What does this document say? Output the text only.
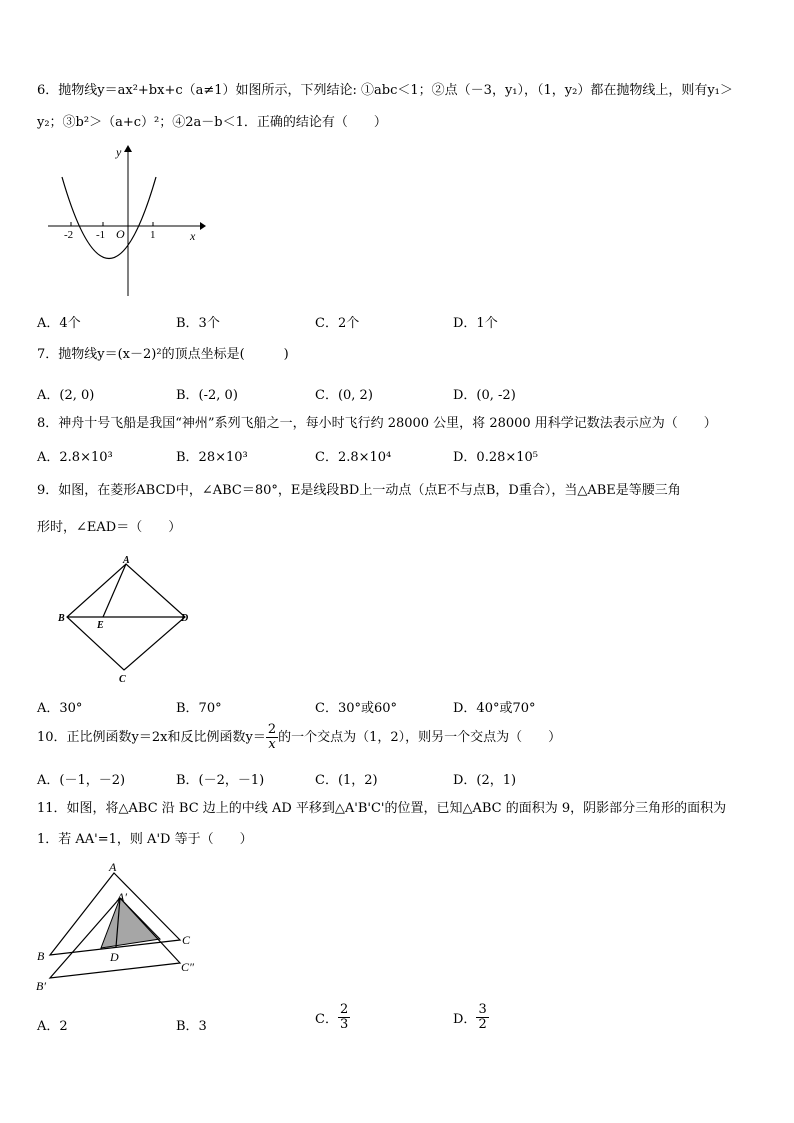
6．抛物线y＝ax²+bx+c（a≠1）如图所示，下列结论: ①abc＜1；②点（－3，y₁），（1，y₂）都在抛物线上，则有y₁＞
y₂；③b²＞（a+c）²；④2a－b＜1．正确的结论有（　　）
y
x
O
-2 -1	1
A．4个	B．3个	C．2个	D．1个
7．抛物线y＝(x－2)²的顶点坐标是(　　　)
A．(2, 0)	B．(-2, 0)	C．(0, 2)	D．(0, -2)
8．神舟十号飞船是我国“神州”系列飞船之一，每小时飞行约 28000 公里，将 28000 用科学记数法表示应为（　　）
A．2.8×10³	B．28×10³	C．2.8×10⁴	D．0.28×10⁵
9．如图，在菱形ABCD中，∠ABC＝80°，E是线段BD上一动点（点E不与点B，D重合），当△ABE是等腰三角
形时，∠EAD＝（　　）
A
B	D
E
C
A．30°	B．70°	C．30°或60°	D．40°或70°
10．正比例函数y＝2x和反比例函数$y= \frac{2}{x}$ 的一个交点为（1，2），则另一个交点为（　　）
A．(－1，－2)	B．(－2，－1)	C．(1，2)	D．(2，1)
11．如图，将△ABC 沿 BC 边上的中线 AD 平移到△A'B'C'的位置，已知△ABC 的面积为 9，阴影部分三角形的面积为
1．若 AA'=1，则 A'D 等于（　　）
A
A′
B
B′
C
C″
D
A．2	B．3	C． $\frac{2}{3}$	D． $\frac{3}{2}$
